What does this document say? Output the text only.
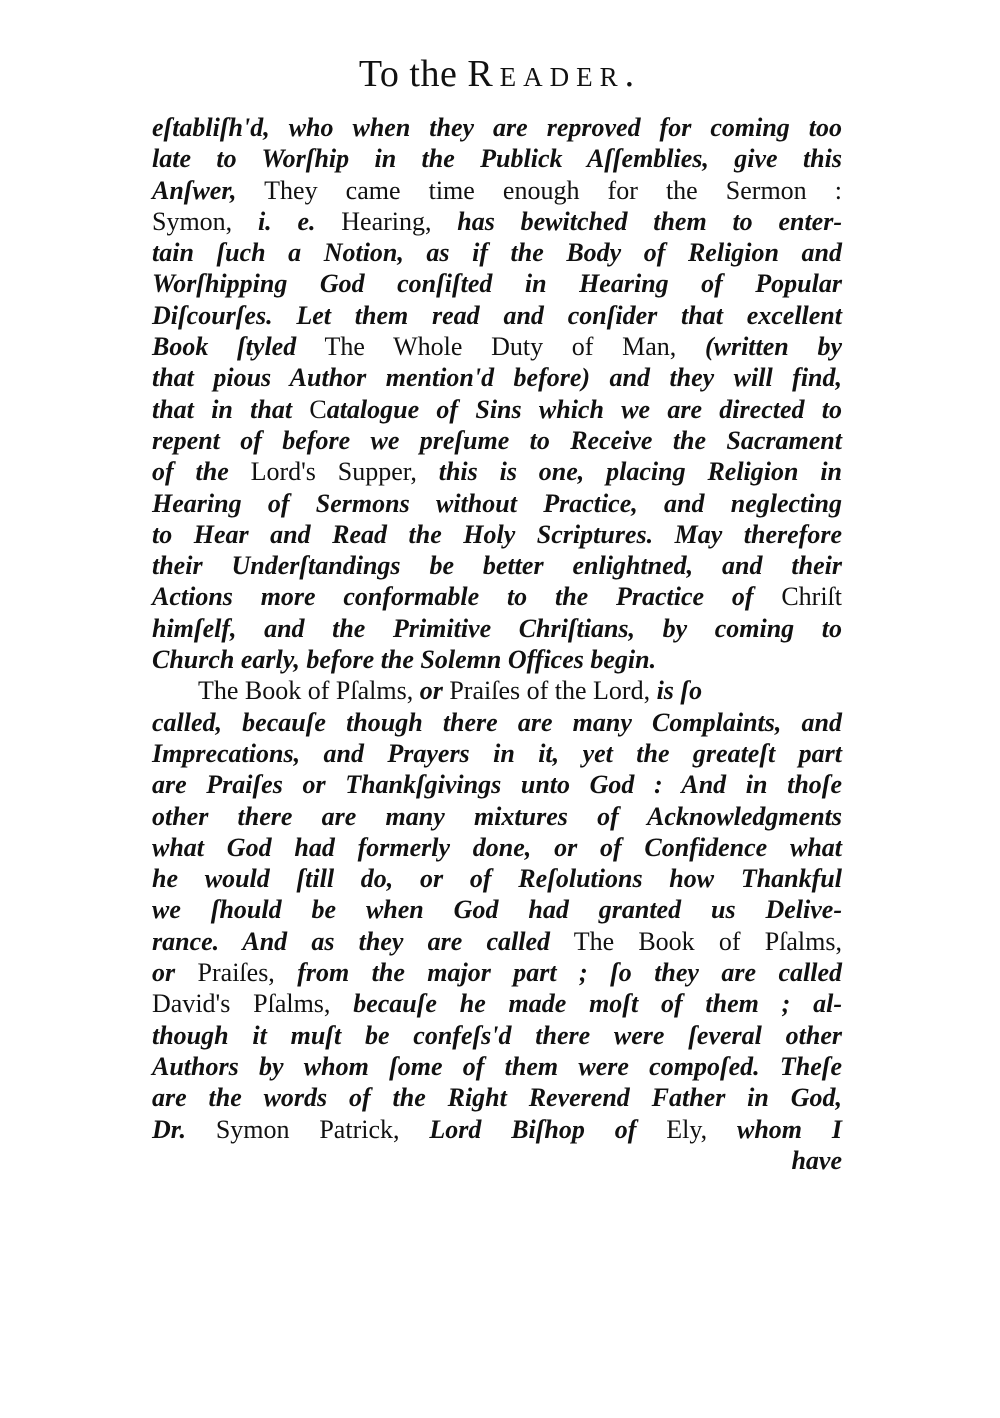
To the Reader.
eſtabliſh'd, who when they are reproved for coming too
late to Worſhip in the Publick Aſſemblies, give this
Anſwer, They came time enough for the Sermon :
Symon, i. e. Hearing, has bewitched them to enter-
tain ſuch a Notion, as if the Body of Religion and
Worſhipping God conſiſted in Hearing of Popular
Diſcourſes. Let them read and conſider that excellent
Book ſtyled The Whole Duty of Man, (written by
that pious Author mention'd before) and they will find,
that in that Catalogue of Sins which we are directed to
repent of before we preſume to Receive the Sacrament
of the Lord's Supper, this is one, placing Religion in
Hearing of Sermons without Practice, and neglecting
to Hear and Read the Holy Scriptures. May therefore
their Underſtandings be better enlightned, and their
Actions more conformable to the Practice of Chriſt
himſelf, and the Primitive Chriſtians, by coming to
Church early, before the Solemn Offices begin.
The Book of Pſalms, or Praiſes of the Lord, is ſo
called, becauſe though there are many Complaints, and
Imprecations, and Prayers in it, yet the greateſt part
are Praiſes or Thankſgivings unto God : And in thoſe
other there are many mixtures of Acknowledgments
what God had formerly done, or of Confidence what
he would ſtill do, or of Reſolutions how Thankful
we ſhould be when God had granted us Delive-
rance. And as they are called The Book of Pſalms,
or Praiſes, from the major part ; ſo they are called
David's Pſalms, becauſe he made moſt of them ; al-
though it muſt be confeſs'd there were ſeveral other
Authors by whom ſome of them were compoſed. Theſe
are the words of the Right Reverend Father in God,
Dr. Symon Patrick, Lord Biſhop of Ely, whom I
have
